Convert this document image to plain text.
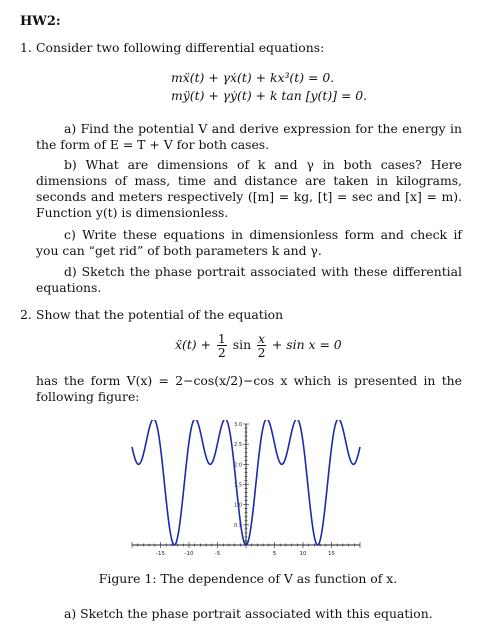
HW2:
1. Consider two following differential equations:
mẍ(t) + γẋ(t) + kx³(t) = 0.
mÿ(t) + γẏ(t) + k tan [y(t)] = 0.
a) Find the potential V and derive expression for the energy in the form of E = T + V for both cases.
b) What are dimensions of k and γ in both cases? Here dimensions of mass, time and distance are taken in kilograms, seconds and meters respectively ([m] = kg, [t] = sec and [x] = m). Function y(t) is dimensionless.
c) Write these equations in dimensionless form and check if you can “get rid” of both parameters k and γ.
d) Sketch the phase portrait associated with these differential equations.
2. Show that the potential of the equation
ẍ(t) + $\frac{1}{2}$ $\sin \frac{x}{2} + \sin x = 0$
has the form V(x) = 2−cos(x/2)−cos x which is presented in the following figure:
-15	-10	-5	5	10	15
0.5
1.0
1.5
2.0
2.5
3.0
Figure 1: The dependence of V as function of x.
a) Sketch the phase portrait associated with this equation.
